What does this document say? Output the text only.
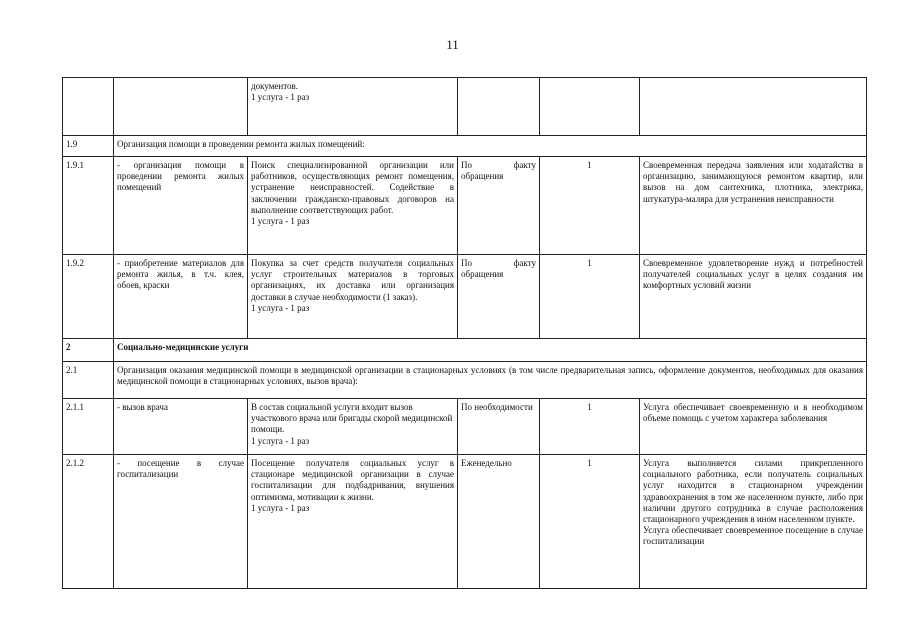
11

		документов.
1 услуга - 1 раз			

1.9	Организация помощи в проведении ремонта жилых помещений:				
1.9.1	- организация помощи в проведении ремонта жилых помещений	Поиск специализированной организации или работников, осуществляющих ремонт помещения, устранение неисправностей. Содействие в заключении гражданско-правовых договоров на выполнение соответствующих работ.
1 услуга - 1 раз	По факту обращения	1	Своевременная передача заявления или ходатайства в организацию, занимающуюся ремонтом квартир, или вызов на дом сантехника, плотника, электрика, штукатура-маляра для устранения неисправности
1.9.2	- приобретение материалов для ремонта жилья, в т.ч. клея, обоев, краски	Покупка за счет средств получателя социальных услуг строительных материалов в торговых организациях, их доставка или организация доставки в случае необходимости (1 заказ).
1 услуга - 1 раз	По факту обращения	1	Своевременное удовлетворение нужд и потребностей получателей социальных услуг в целях создания им комфортных условий жизни
2	Социально-медицинские услуги				
2.1	Организация оказания медицинской помощи в медицинской организации в стационарных условиях (в том числе предварительная запись, оформление документов, необходимых для оказания медицинской помощи в стационарных условиях, вызов врача):				
2.1.1	- вызов врача	В состав социальной услуги входит вызов участкового врача или бригады скорой медицинской помощи.
1 услуга - 1 раз	По необходимости	1	Услуга обеспечивает своевременную и в необходимом объеме помощь с учетом характера заболевания
2.1.2	- посещение в случае госпитализации	Посещение получателя социальных услуг в стационаре медицинской организации в случае госпитализации для подбадривания, внушения оптимизма, мотивации к жизни.
1 услуга - 1 раз	Еженедельно	1	Услуга выполняется силами прикрепленного социального работника, если получатель социальных услуг находится в стационарном учреждении здравоохранения в том же населенном пункте, либо при наличии другого сотрудника в случае расположения стационарного учреждения в ином населенном пункте.
Услуга обеспечивает своевременное посещение в случае госпитализации
